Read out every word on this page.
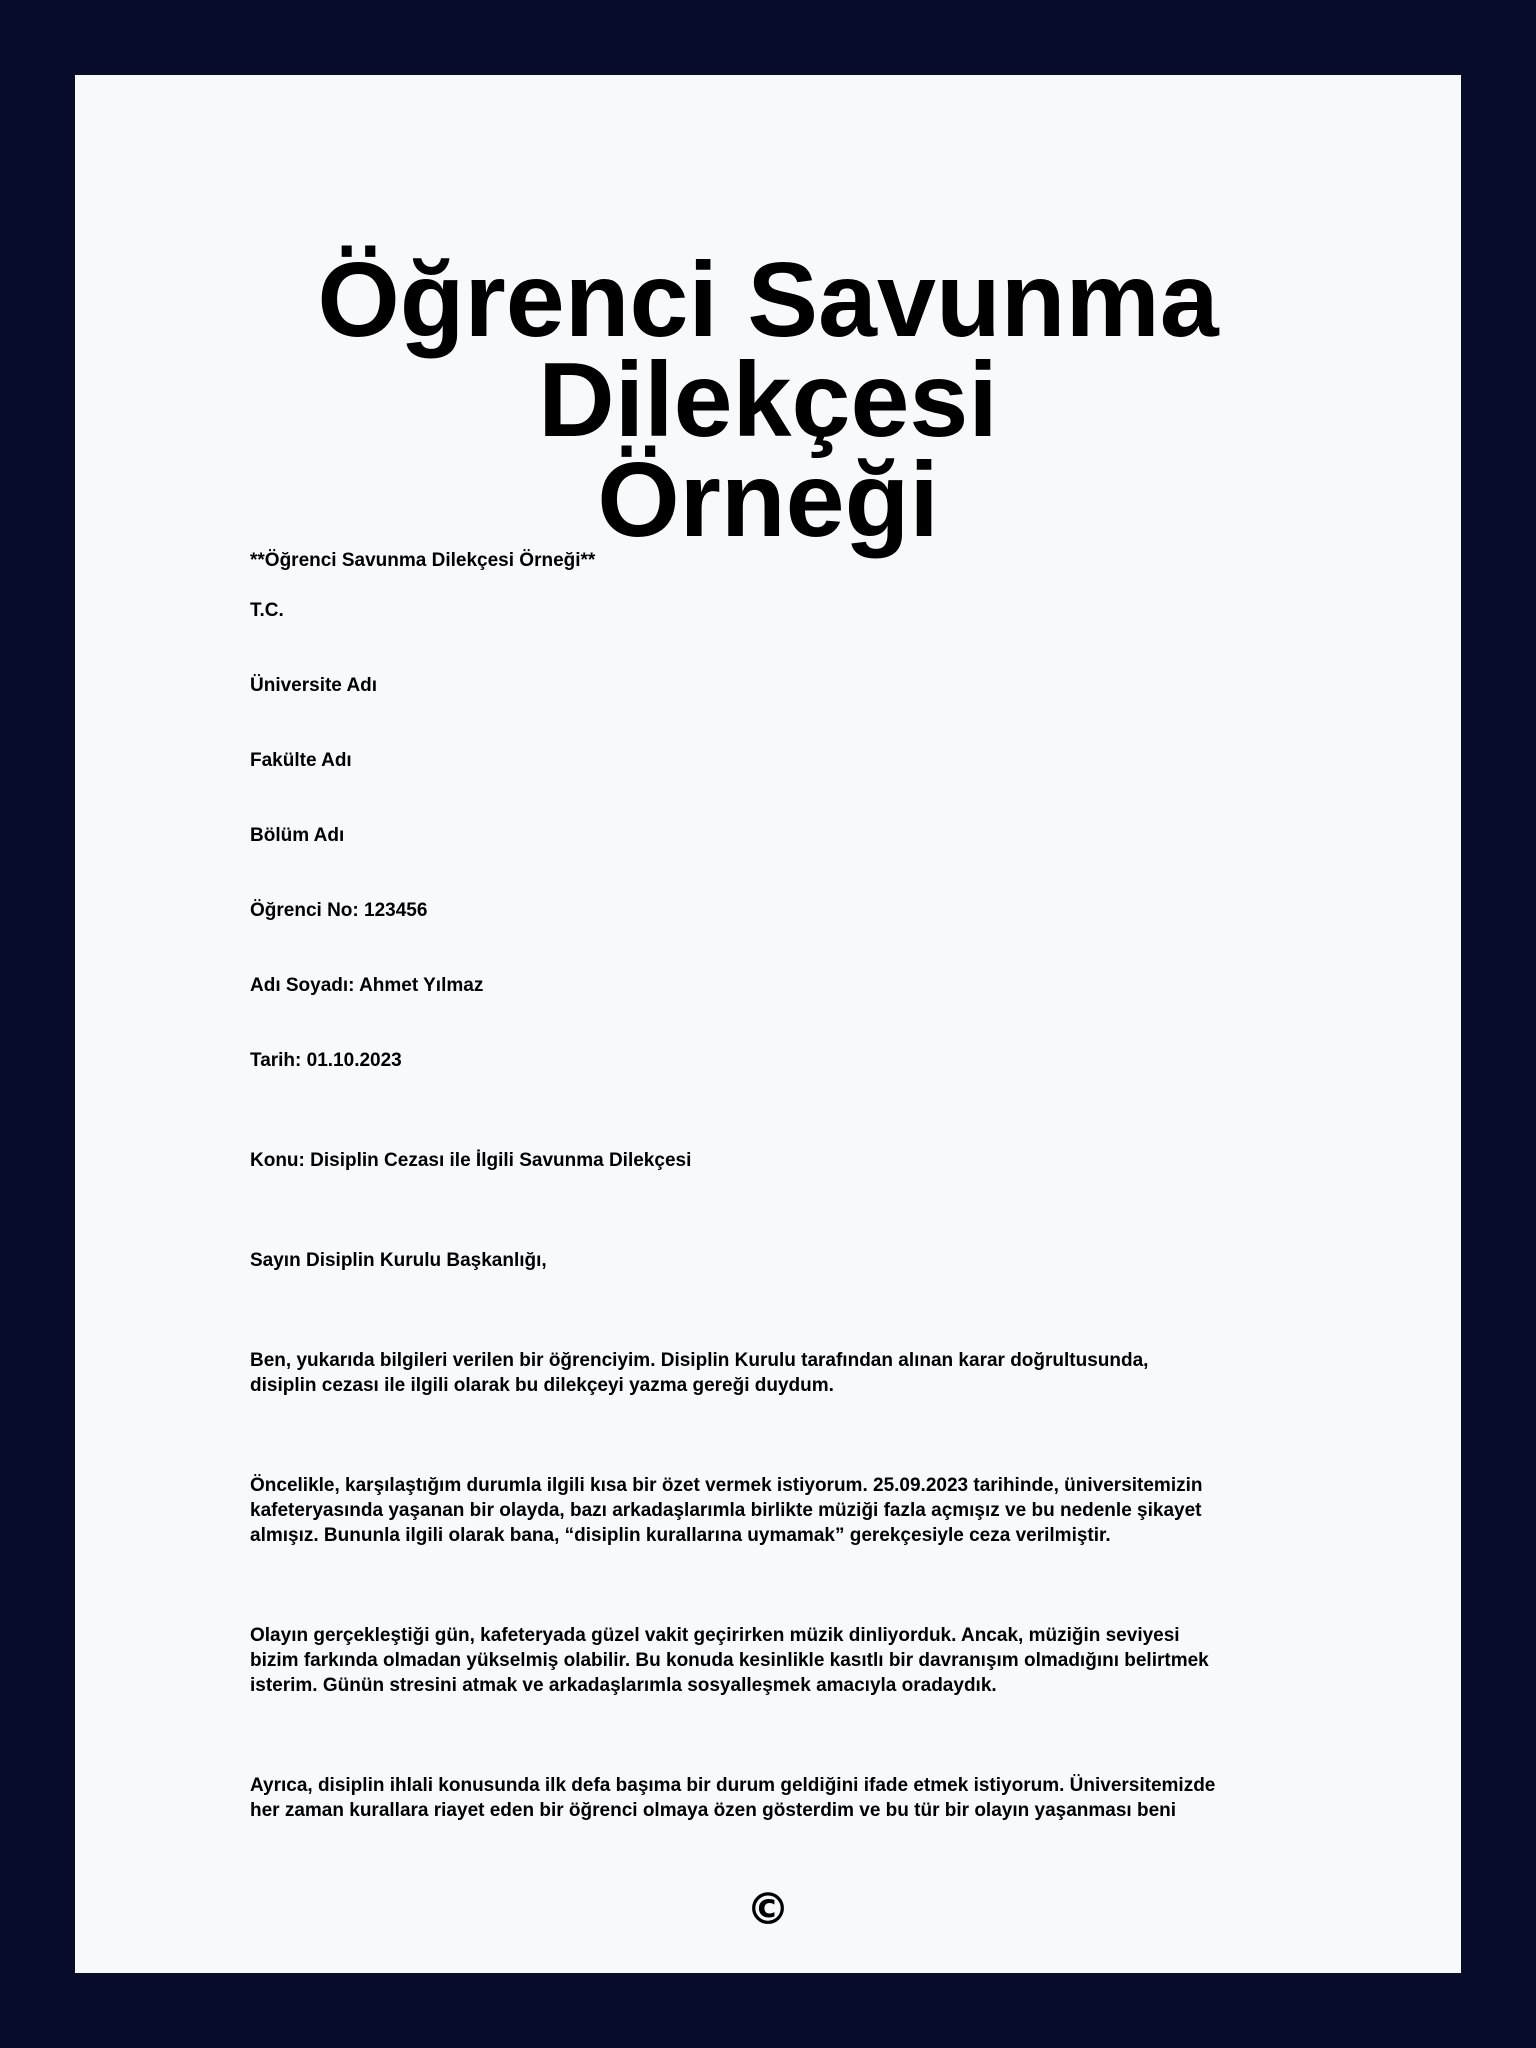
Öğrenci Savunma Dilekçesi
Örneği
**Öğrenci Savunma Dilekçesi Örneği**
T.C.
Üniversite Adı
Fakülte Adı
Bölüm Adı
Öğrenci No: 123456
Adı Soyadı: Ahmet Yılmaz
Tarih: 01.10.2023
Konu: Disiplin Cezası ile İlgili Savunma Dilekçesi
Sayın Disiplin Kurulu Başkanlığı,
Ben, yukarıda bilgileri verilen bir öğrenciyim. Disiplin Kurulu tarafından alınan karar doğrultusunda,
disiplin cezası ile ilgili olarak bu dilekçeyi yazma gereği duydum.
Öncelikle, karşılaştığım durumla ilgili kısa bir özet vermek istiyorum. 25.09.2023 tarihinde, üniversitemizin
kafeteryasında yaşanan bir olayda, bazı arkadaşlarımla birlikte müziği fazla açmışız ve bu nedenle şikayet
almışız. Bununla ilgili olarak bana, “disiplin kurallarına uymamak” gerekçesiyle ceza verilmiştir.
Olayın gerçekleştiği gün, kafeteryada güzel vakit geçirirken müzik dinliyorduk. Ancak, müziğin seviyesi
bizim farkında olmadan yükselmiş olabilir. Bu konuda kesinlikle kasıtlı bir davranışım olmadığını belirtmek
isterim. Günün stresini atmak ve arkadaşlarımla sosyalleşmek amacıyla oradaydık.
Ayrıca, disiplin ihlali konusunda ilk defa başıma bir durum geldiğini ifade etmek istiyorum. Üniversitemizde
her zaman kurallara riayet eden bir öğrenci olmaya özen gösterdim ve bu tür bir olayın yaşanması beni
©
